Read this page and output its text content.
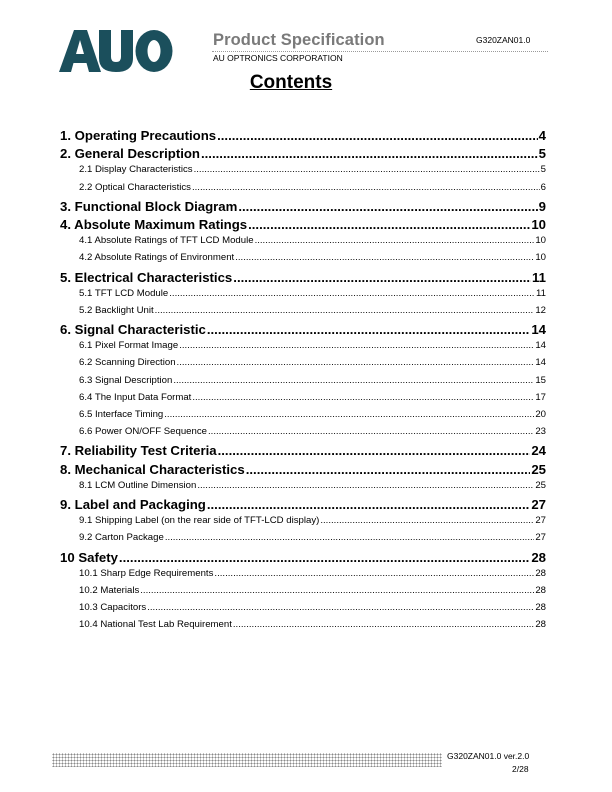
Product Specification	G320ZAN01.0
AU OPTRONICS CORPORATION
Contents
1. Operating Precautions .....	4
2. General Description .....	5
2.1 Display Characteristics .....	5
2.2 Optical Characteristics .....	6
3. Functional Block Diagram .....	9
4. Absolute Maximum Ratings .....	10
4.1 Absolute Ratings of TFT LCD Module .....	10
4.2 Absolute Ratings of Environment .....	10
5. Electrical Characteristics .....	11
5.1 TFT LCD Module .....	11
5.2 Backlight Unit .....	12
6. Signal Characteristic .....	14
6.1 Pixel Format Image .....	14
6.2 Scanning Direction .....	14
6.3 Signal Description .....	15
6.4 The Input Data Format .....	17
6.5 Interface Timing .....	20
6.6 Power ON/OFF Sequence .....	23
7. Reliability Test Criteria .....	24
8. Mechanical Characteristics .....	25
8.1 LCM Outline Dimension .....	25
9. Label and Packaging .....	27
9.1 Shipping Label (on the rear side of TFT-LCD display) .....	27
9.2 Carton Package .....	27
10 Safety .....	28
10.1 Sharp Edge Requirements .....	28
10.2 Materials .....	28
10.3 Capacitors .....	28
10.4 National Test Lab Requirement .....	28
G320ZAN01.0 ver.2.0
2/28
